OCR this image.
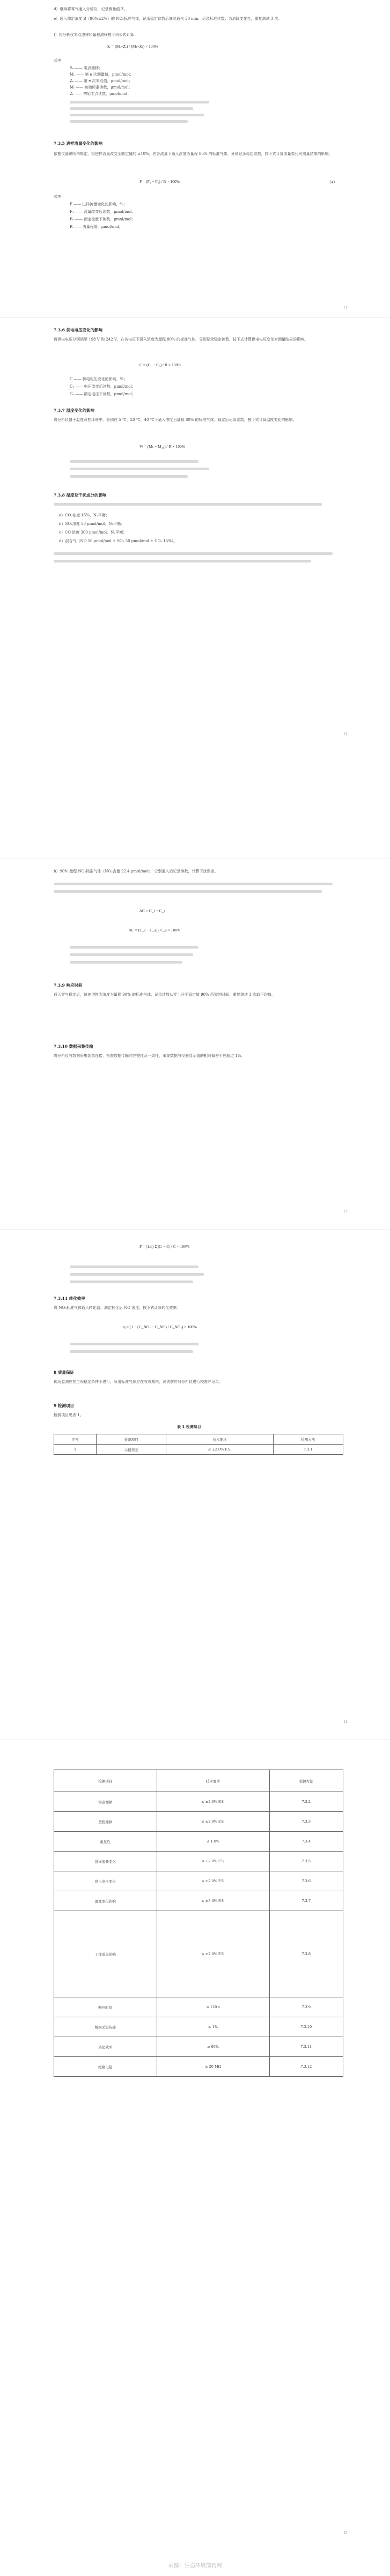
d）继续将零气通入分析仪，记录测量值 Z。
e）通入测定浓度 B（90%±2%）的 NO₂标准气体，记录稳定读数后继续通气 30 min，记录标准读数；为消除变化性，重复测试 3 次。
f）将分析仪零点漂移和量程漂移按下列公式计算：
Sₑ = (Mₑ−Zₑ) / (Mₜ−Zₜ) × 100%
式中：
Sₑ —— 零点漂移；
Mₑ —— 第 e 次测量值，μmol/mol；
Zₑ —— 第 e 次零点值，μmol/mol；
Mₜ —— 初始标准读数，μmol/mol；
Zₜ —— 初始零点读数，μmol/mol；
7.3.5 进样流量变化的影响
依据仪器说明书规定，将进样流量改变至额定值的 ±10%，在各流量下通入浓度为量程 80% 的标准气体，分别记录稳定读数，按下式计算流量变化对测量结果的影响。
F = (F₁ − F₀) / R × 100%	（4）
式中：
F —— 进样流量变化的影响，%；
F₁ —— 流量改变后读数，μmol/mol；
F₀ —— 额定流量下读数，μmol/mol；
R —— 满量程值，μmol/mol。
11
7.3.6 供电电压变化的影响
将供电电压分别调至 198 V 和 242 V，在各电压下通入浓度为量程 80% 的标准气体，分别记录稳定读数，按下式计算供电电压变化对测量结果的影响。
C = (C₁ − C₀) / R × 100%
C —— 供电电压变化的影响，%；
C₁ —— 电压改变后读数，μmol/mol；
C₀ —— 额定电压下读数，μmol/mol；
7.3.7 温度变化的影响
将分析仪置于温度可控环境中，分别在 5 ℃、20 ℃、40 ℃下通入浓度为量程 80% 的标准气体，稳定后记录读数，按下式计算温度变化的影响。
W = (Mₜ − M₂₀) / R × 100%
7.3.8 湿度及干扰成分的影响
a）CO₂浓度 15%，N₂平衡；
b）SO₂浓度 50 μmol/mol，N₂平衡；
c）CO 浓度 300 μmol/mol，N₂平衡；
d）混合气（NO 50 μmol/mol + SO₂ 50 μmol/mol + CO₂ 15%）。
12
b）90% 量程 NO₂标准气体（NO₂含量 22.4 μmol/mol），分别通入后记录读数，计算干扰误差。
ΔC = C_i − C_s
ΔC = (C_i − C_s) / C_s × 100%
7.3.9 响应时间
通入零气稳定后，快速切换为浓度为量程 90% 的标准气体，记录读数从零上升至稳定值 90% 所需的时间，重复测试 3 次取平均值。
7.3.10 数据采集传输
将分析仪与数据采集装置连接，检查数据传输的完整性及一致性，采集数据与仪器显示值的相对偏差不应超过 1%。
13
P = (1/n) Σ |Cᵢ − C̄| / C̄ × 100%
7.3.11 转化效率
将 NO₂标准气体通入转化器，测定转化后 NO 浓度，按下式计算转化效率。
η = (1 − (C_NO₂ − C_NO) / C_NO₂) × 100%
8 质量保证
现场监测应在工况稳定条件下进行，所用标准气体应在有效期内，测试前应对分析仪进行校准并记录。
9 检测项目
检测项目见表 1。
表 1 检测项目
序号	检测项目	技术要求	检测方法
1	示值误差	≤ ±2.0% F.S.	7.3.1
14
检测项目	技术要求	检测方法
零点漂移	≤ ±2.0% F.S.	7.3.2
量程漂移	≤ ±2.0% F.S.	7.3.3
重复性	≤ 1.0%	7.3.4
进样流量变化	≤ ±2.0% F.S.	7.3.5
供电电压变化	≤ ±2.0% F.S.	7.3.6
温度变化影响	≤ ±3.0% F.S.	7.3.7
干扰成分影响	≤ ±2.0% F.S.	7.3.8
响应时间	≤ 120 s	7.3.9
数据采集传输	≤ 1%	7.3.10
转化效率	≥ 95%	7.3.11
绝缘电阻	≥ 20 MΩ	7.3.12
15
来源：生态环境部官网
